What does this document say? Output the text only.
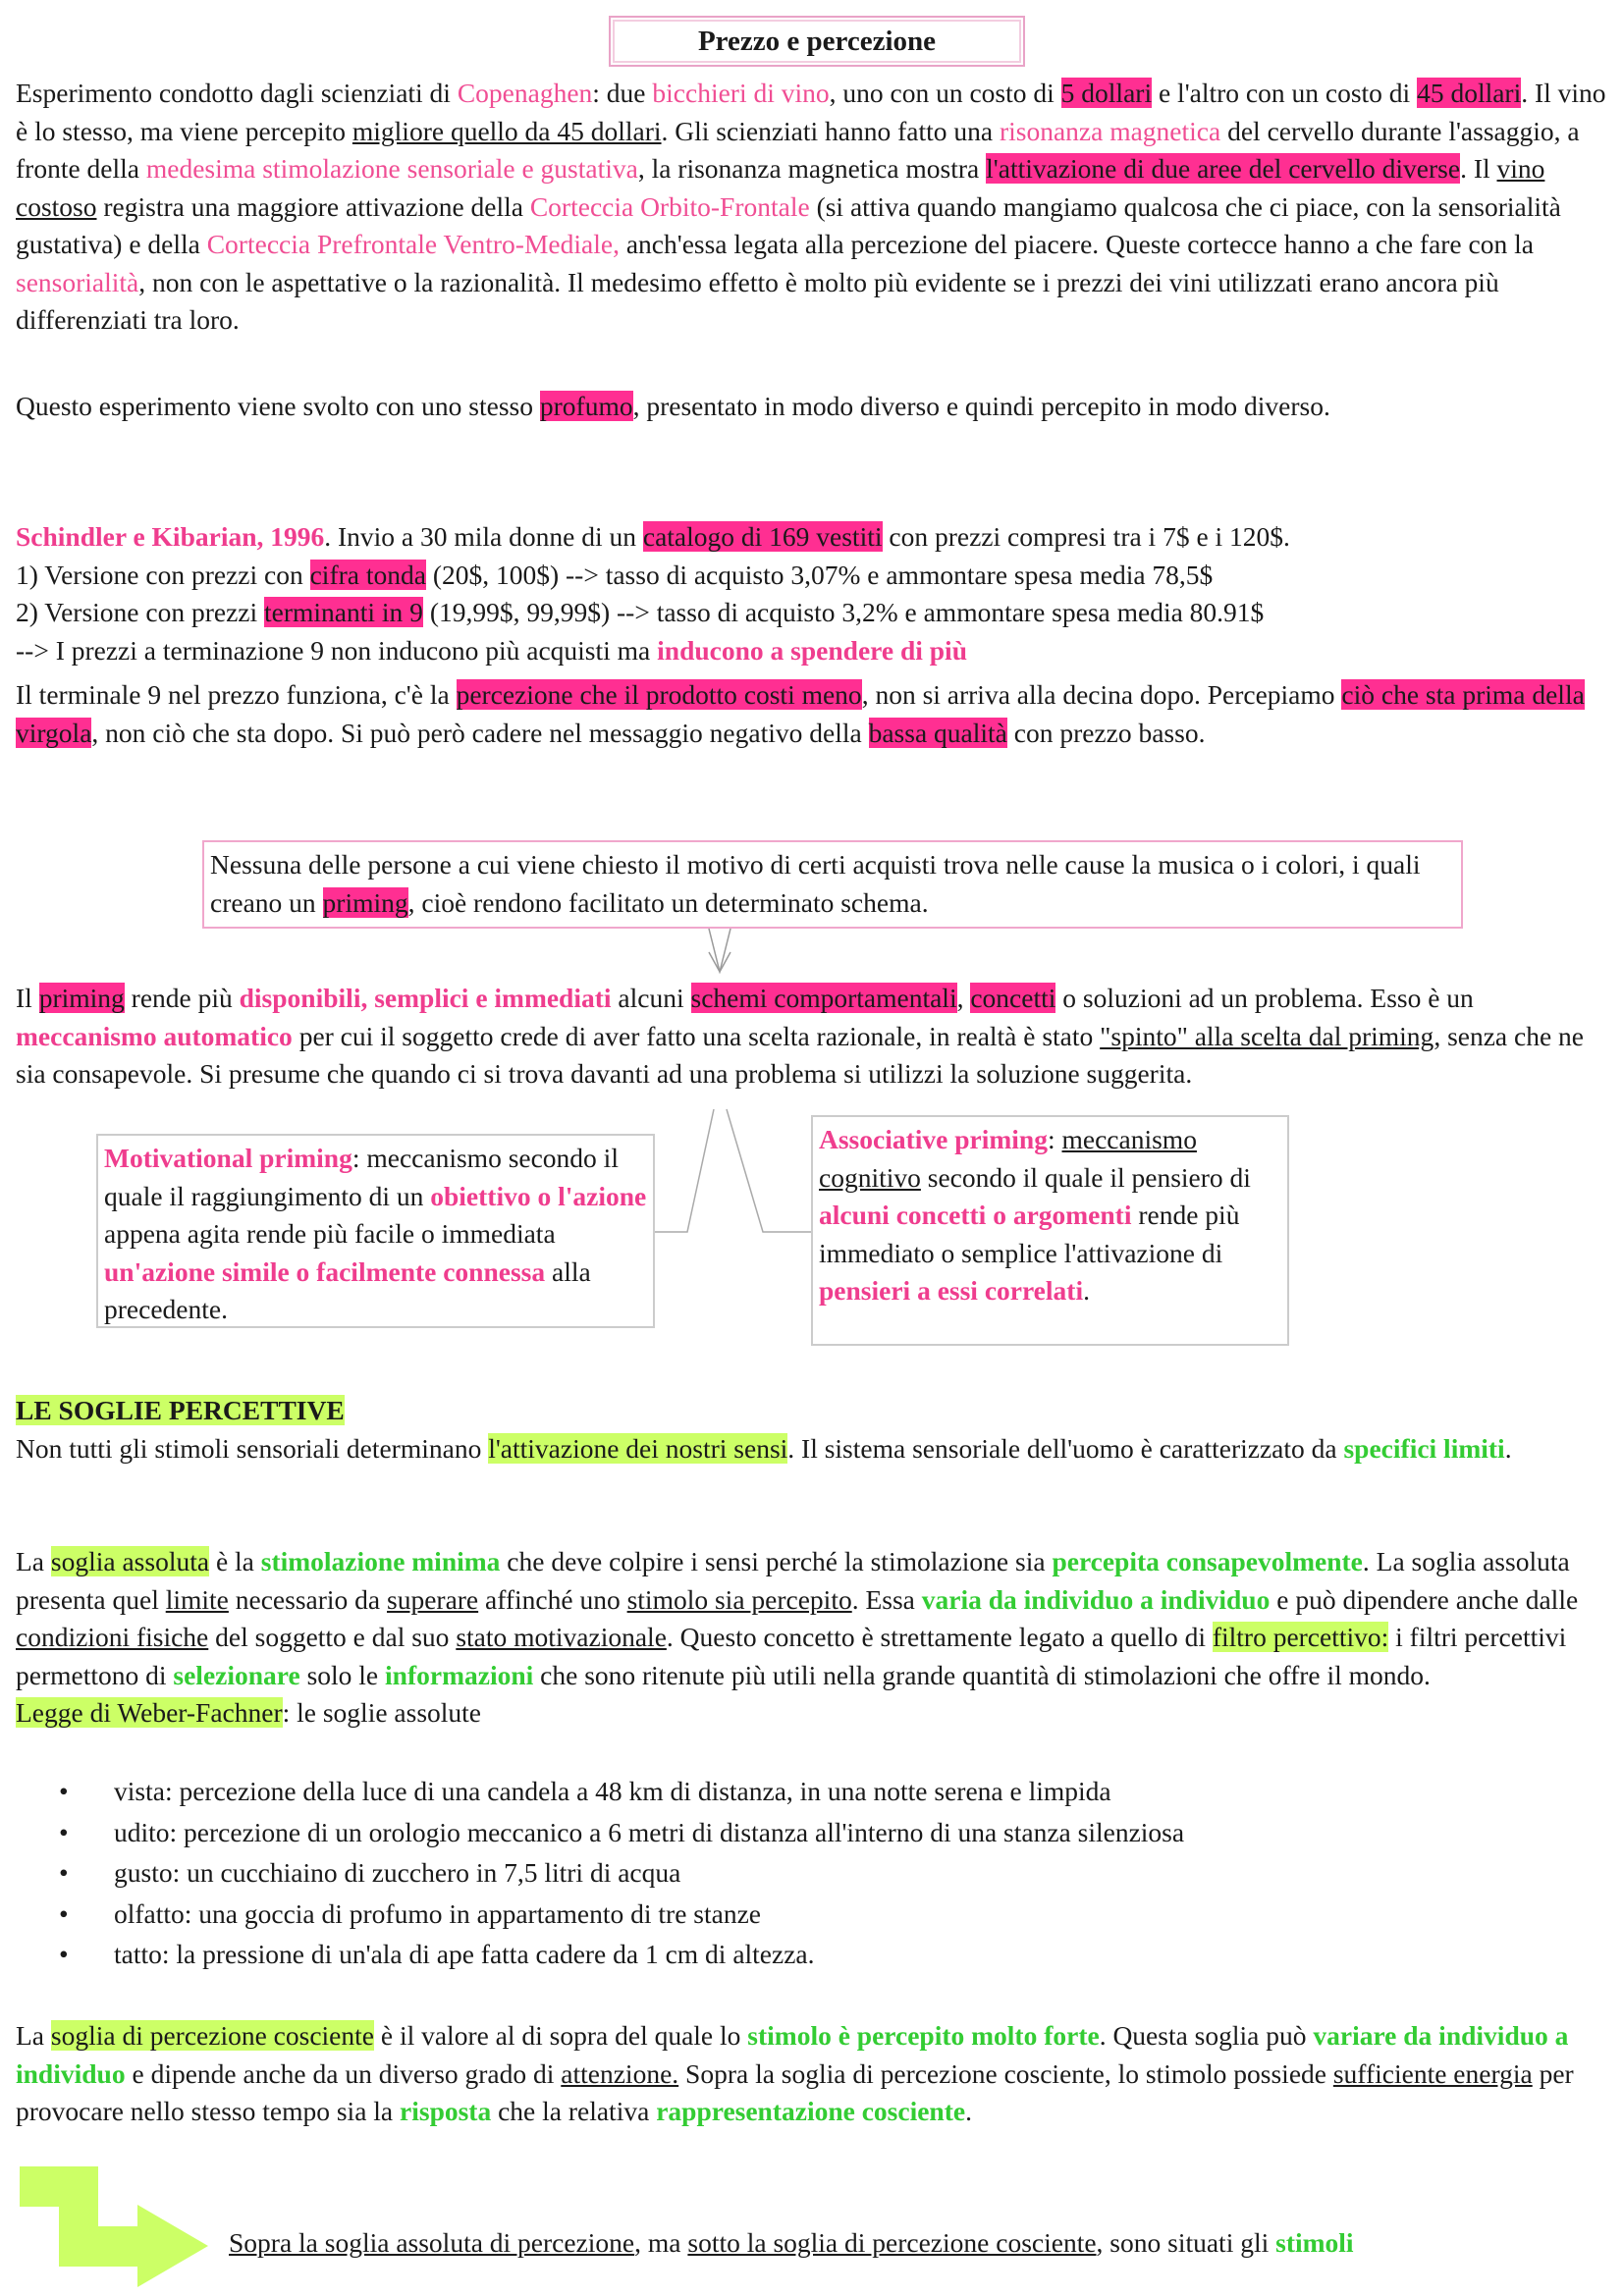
Prezzo e percezione

Esperimento condotto dagli scienziati di Copenaghen: due bicchieri di vino, uno con un costo di 5 dollari e l'altro con un costo di 45 dollari. Il vino è lo stesso, ma viene percepito migliore quello da 45 dollari. Gli scienziati hanno fatto una risonanza magnetica del cervello durante l'assaggio, a fronte della medesima stimolazione sensoriale e gustativa, la risonanza magnetica mostra l'attivazione di due aree del cervello diverse. Il vino costoso registra una maggiore attivazione della Corteccia Orbito-Frontale (si attiva quando mangiamo qualcosa che ci piace, con la sensorialità gustativa) e della Corteccia Prefrontale Ventro-Mediale, anch'essa legata alla percezione del piacere. Queste cortecce hanno a che fare con la sensorialità, non con le aspettative o la razionalità. Il medesimo effetto è molto più evidente se i prezzi dei vini utilizzati erano ancora più differenziati tra loro.

Questo esperimento viene svolto con uno stesso profumo, presentato in modo diverso e quindi percepito in modo diverso.

Schindler e Kibarian, 1996. Invio a 30 mila donne di un catalogo di 169 vestiti con prezzi compresi tra i 7$ e i 120$.
1) Versione con prezzi con cifra tonda (20$, 100$) --> tasso di acquisto 3,07% e ammontare spesa media 78,5$
2) Versione con prezzi terminanti in 9 (19,99$, 99,99$) --> tasso di acquisto 3,2% e ammontare spesa media 80.91$
--> I prezzi a terminazione 9 non inducono più acquisti ma inducono a spendere di più

Il terminale 9 nel prezzo funziona, c'è la percezione che il prodotto costi meno, non si arriva alla decina dopo. Percepiamo ciò che sta prima della virgola, non ciò che sta dopo. Si può però cadere nel messaggio negativo della bassa qualità con prezzo basso.

Nessuna delle persone a cui viene chiesto il motivo di certi acquisti trova nelle cause la musica o i colori, i quali creano un priming, cioè rendono facilitato un determinato schema.

Il priming rende più disponibili, semplici e immediati alcuni schemi comportamentali, concetti o soluzioni ad un problema. Esso è un meccanismo automatico per cui il soggetto crede di aver fatto una scelta razionale, in realtà è stato "spinto" alla scelta dal priming, senza che ne sia consapevole. Si presume che quando ci si trova davanti ad una problema si utilizzi la soluzione suggerita.

Motivational priming: meccanismo secondo il quale il raggiungimento di un obiettivo o l'azione appena agita rende più facile o immediata un'azione simile o facilmente connessa alla precedente.
Associative priming: meccanismo cognitivo secondo il quale il pensiero di alcuni concetti o argomenti rende più immediato o semplice l'attivazione di pensieri a essi correlati.

LE SOGLIE PERCETTIVE
Non tutti gli stimoli sensoriali determinano l'attivazione dei nostri sensi. Il sistema sensoriale dell'uomo è caratterizzato da specifici limiti.

La soglia assoluta è la stimolazione minima che deve colpire i sensi perché la stimolazione sia percepita consapevolmente. La soglia assoluta presenta quel limite necessario da superare affinché uno stimolo sia percepito. Essa varia da individuo a individuo e può dipendere anche dalle condizioni fisiche del soggetto e dal suo stato motivazionale. Questo concetto è strettamente legato a quello di filtro percettivo: i filtri percettivi permettono di selezionare solo le informazioni che sono ritenute più utili nella grande quantità di stimolazioni che offre il mondo.
Legge di Weber-Fachner: le soglie assolute

• vista: percezione della luce di una candela a 48 km di distanza, in una notte serena e limpida
• udito: percezione di un orologio meccanico a 6 metri di distanza all'interno di una stanza silenziosa
• gusto: un cucchiaino di zucchero in 7,5 litri di acqua
• olfatto: una goccia di profumo in appartamento di tre stanze
• tatto: la pressione di un'ala di ape fatta cadere da 1 cm di altezza.

La soglia di percezione cosciente è il valore al di sopra del quale lo stimolo è percepito molto forte. Questa soglia può variare da individuo a individuo e dipende anche da un diverso grado di attenzione. Sopra la soglia di percezione cosciente, lo stimolo possiede sufficiente energia per provocare nello stesso tempo sia la risposta che la relativa rappresentazione cosciente.

Sopra la soglia assoluta di percezione, ma sotto la soglia di percezione cosciente, sono situati gli stimoli
